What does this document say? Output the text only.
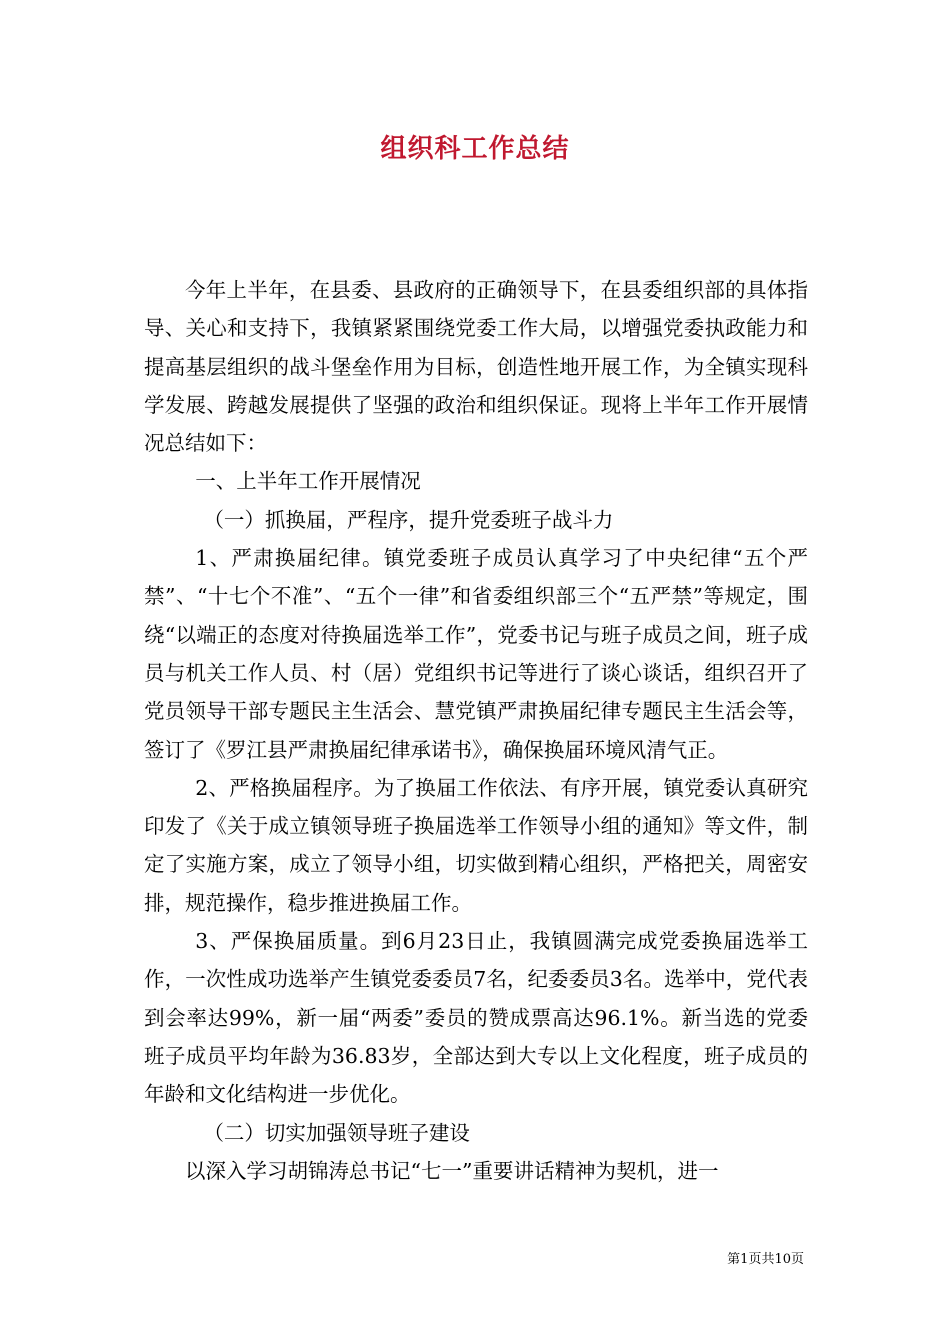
组织科工作总结

今年上半年，在县委、县政府的正确领导下，在县委组织部的具体指导、关心和支持下，我镇紧紧围绕党委工作大局，以增强党委执政能力和提高基层组织的战斗堡垒作用为目标，创造性地开展工作，为全镇实现科学发展、跨越发展提供了坚强的政治和组织保证。现将上半年工作开展情况总结如下：

一、上半年工作开展情况

（一）抓换届，严程序，提升党委班子战斗力

1、严肃换届纪律。镇党委班子成员认真学习了中央纪律“五个严禁”、“十七个不准”、“五个一律”和省委组织部三个“五严禁”等规定，围绕“以端正的态度对待换届选举工作”，党委书记与班子成员之间，班子成员与机关工作人员、村（居）党组织书记等进行了谈心谈话，组织召开了党员领导干部专题民主生活会、慧党镇严肃换届纪律专题民主生活会等，签订了《罗江县严肃换届纪律承诺书》，确保换届环境风清气正。

2、严格换届程序。为了换届工作依法、有序开展，镇党委认真研究印发了《关于成立镇领导班子换届选举工作领导小组的通知》等文件，制定了实施方案，成立了领导小组，切实做到精心组织，严格把关，周密安排，规范操作，稳步推进换届工作。

3、严保换届质量。到6月23日止，我镇圆满完成党委换届选举工作，一次性成功选举产生镇党委委员7名，纪委委员3名。选举中，党代表到会率达99%，新一届“两委”委员的赞成票高达96.1%。新当选的党委班子成员平均年龄为36.83岁，全部达到大专以上文化程度，班子成员的年龄和文化结构进一步优化。

（二）切实加强领导班子建设

以深入学习胡锦涛总书记“七一”重要讲话精神为契机，进一

第1页共10页
